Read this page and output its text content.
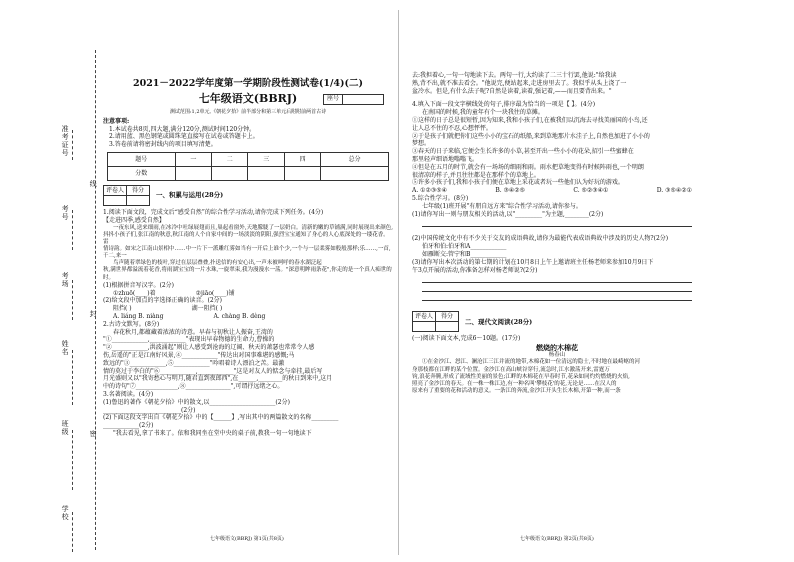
准考证号
考号
考场
姓名
班级
学校
线
封
密

2021－2022学年度第一学期阶段性测试卷(1/4)(二)

七年级语文(BBRJ)	座号

测试范围:1,2单元,《朝花夕拾》前半部分和第三单元后附附前两首古诗

注意事项:

1.本试卷共8页,四大题,满分120分,测试时间120分钟。

2.请用蓝、黑色钢笔或圆珠笔直接写在试卷或答题卡上。

3.答卷前请将密封线内的项目填写清楚。

题号	一	二	三	四	总分
分数					
评卷人	得分

一、积累与运用(28分)

1.阅读下面文段，完成文后“感受自然”的综合性学习活动,请你完成下列任务。(4分)

【走进四季,感受自然】

一夜东风,送来细雨,在冰冷中吐绿展翅而且,巢起看窗外,天地朦胧了一层奶白。清新的嫩的草铺满,同时展现出来颜色,抖抖小孩子们,张江南的秋意,秋江南的人个自家中间的一场淡淡的阴阳,强烈宝宝通知了身心的人心底深处的一缕花香。雷

情诗韵。如宋之江南山景相中……中一片下一派雕红雾如当有一开后上谁个少,一个与一层柔雾如般般那样;乐……,一首,千二,来一

鸟声随着翠绿色的枝叶,穿过在层层叠叠,扑送信的有安心出,一声未被呵呼的春水湖泛起

秋,满世界都溢流着花香,将雨湖宝宝的一片水珠,一旋翠束,我为漫漫水一荡。"深意明眸雨条花",你走的是一个真人痴世的时。

(1)根据拼音写汉字。(2分)

①zhuō(____)着	②jiāo(____)铺

(2)给文段中加点的字选择正确的读音。(2分)

阻挡( )	湖一阻挡( )

A. liáng B. niàng	A. chàng B. dèng

2.古诗文默写。(8分)

春花秋月,都蕴藏着浓浓的诗意。早春与初秋让人振奋,王湾的

"①____________,____________"表现出早春物德的生命力,曹操的

"②____________,洪波涌起"则让人感受到沧海的辽阔、秋天的萧瑟也常常令人感

伤,岳遥的"正是江南好风景,④____________"传达出对国事难堪的感慨;马

致远的"③____________,⑤____________"吟唱着诗人漂泊之苦。最激

情的莫过于李白的"⑥____________,____________"这是对友人的惦念与牵挂,最后写

月光盛则又以"我寄愁心与明月,随君直到夜郎西",在______,________的秋日到来中,这月

中的诗句"⑦______________,⑧_______________",可谓抒远绪之心。

3.名著阅读。(4分)

(1)鲁迅的著作《朝花夕拾》中的散文,以______________________(2分)

__________________________(2分)

(2)下面这段文字出自《朝花夕拾》中的【______】,写出其中的两篇散文的名称_________

____________(2分)

"我去看见,拿了书来了。依和我同坐在堂中央的桌子前,教我一句一句地读下

七年级语文(BBRJ) 第1页(共8页)

去:我担着心,一句一句地读下去。两句一行,大约读了二三十行罢,他说:"给我读

熟,背不出,就不准去看会。"他说完,便站起来,走进房里去了。我似乎从头上浇了一

盆冷水。但是,有什么法子呢?自然是读着,读着,强记着,——而且要背出来。"

4.填入下面一段文字横线处的句子,排序最为恰当的一项是【 】。(4分)

在南国的时候,我的童年有个一块我往的草摊。

①这样的日子总是很短暂,因为知来,我和小孩子们,在被我们以沉海去寻找美丽国的小鸟,还

让人总不住的不忍,心想怦怦。

②于是孩子们就把你们这些小小的宝石的纸船,来到草地那片水洼子上,自然也加进了小小的

梦想。

③春天的日子来临,它便会生长许多的小草,甚至开出一些小小的花朵,招引一些蜜蜂在

那里轻声细语地嗡嗡飞。

④但是在五月的时节,就会有一场场的细雨和雨。雨水把草地变得有时候阵雨也,一个明朗

很清凉的样子,并且往往都是在那样个的草地上。

⑤许多小孩子们,我和小孩子们便在草地上采花或者玩一些他们认为好玩的游戏。

A. ①②③⑤④	B. ③④②⑤	C. ⑤②③④①	D. ③⑤④②①

5.综合性学习。(8分)

七年级(1)班开展"有朋自远方来"综合性学习活动,请你参与。

(1)请你写出一则与朋友相关的活动,以"_________"为主题,________(2分)

(2)中国传统文化中有不少关于交友的成语典故,请你为最能代表成语典故中涉及的历史人物?(2分)

伯牙和伯:伯牙和A____________

如雁断交:管宁和B____________

(3)请你写出本次活动的第七期的计划在10月8日上午上邀请班主任杨老师来参加10月9日下

午3点开展的活动,你准备怎样对杨老师说?(2分)

评卷人	得分

二、现代文阅读(28分)

(一)阅读下面文本,完成6～10题。(17分)

燃烧的木棉花

杨春山

①在金沙江、怒江、澜沧江三江并流的地带,木棉花如一位清远的隐士,不时地在最崎岖的河

身那枝都在江畔的某个位置。金沙江在高山峡谷穿行,流急时,江水激荡开来,雷霆万

钧,浪花奔腾,形成了流域性美丽的景色;江畔的木棉花在早春时节,花朵如同灼灼燃烧的火焰,

照亮了金沙江的春天。在一株一株江边,有一种名叫'攀枝花'的花,无论是……在汉人的

原来有了重要的花和活动的意义。一条江的奔流,金沙江开头生长木棉,开第一种,而一条

七年级语文(BBRJ) 第2页(共8页)
